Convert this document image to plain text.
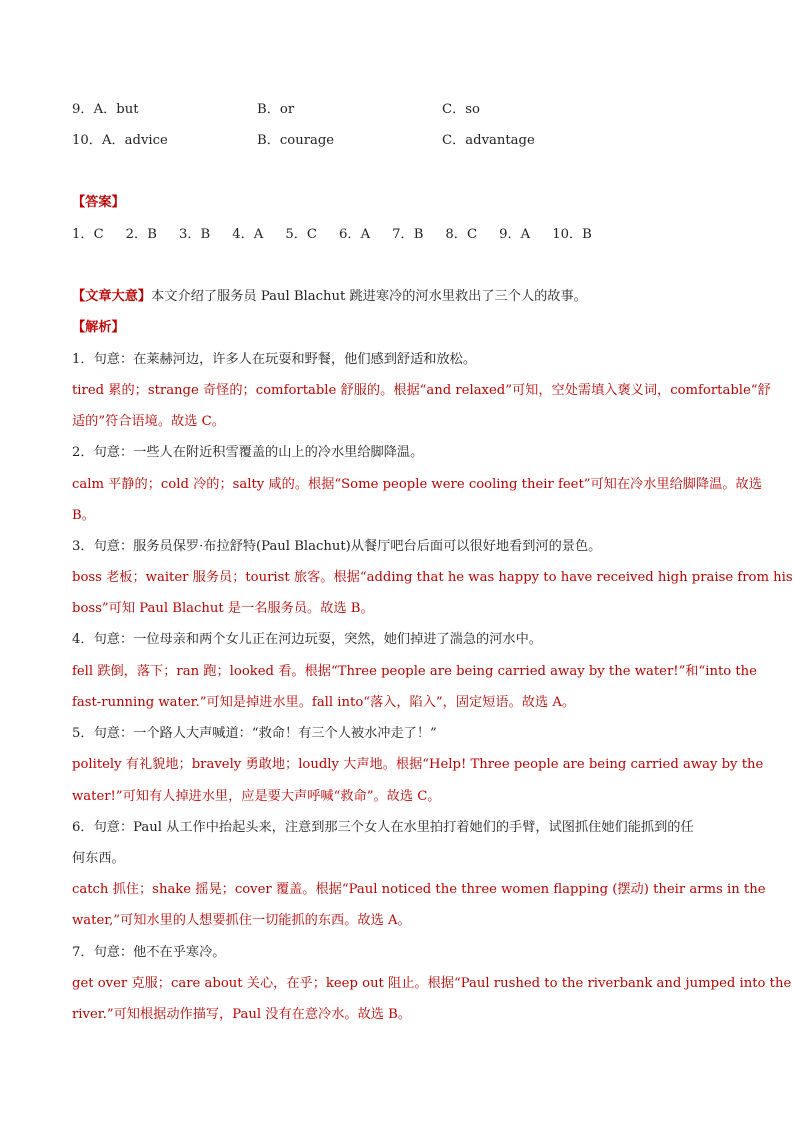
9．A．but	B．or	C．so
10．A．advice	B．courage	C．advantage
【答案】
1．C 2．B 3．B 4．A 5．C 6．A 7．B 8．C 9．A 10．B
【文章大意】本文介绍了服务员 Paul Blachut 跳进寒冷的河水里救出了三个人的故事。
【解析】
1．句意：在莱赫河边，许多人在玩耍和野餐，他们感到舒适和放松。
tired 累的；strange 奇怪的；comfortable 舒服的。根据“and relaxed”可知，空处需填入褒义词，comfortable“舒
适的”符合语境。故选 C。
2．句意：一些人在附近积雪覆盖的山上的冷水里给脚降温。
calm 平静的；cold 冷的；salty 咸的。根据“Some people were cooling their feet”可知在冷水里给脚降温。故选
B。
3．句意：服务员保罗·布拉舒特(Paul Blachut)从餐厅吧台后面可以很好地看到河的景色。
boss 老板；waiter 服务员；tourist 旅客。根据“adding that he was happy to have received high praise from his
boss”可知 Paul Blachut 是一名服务员。故选 B。
4．句意：一位母亲和两个女儿正在河边玩耍，突然，她们掉进了湍急的河水中。
fell 跌倒，落下；ran 跑；looked 看。根据“Three people are being carried away by the water!”和“into the
fast-running water.”可知是掉进水里。fall into“落入，陷入”，固定短语。故选 A。
5．句意：一个路人大声喊道：“救命！有三个人被水冲走了！”
politely 有礼貌地；bravely 勇敢地；loudly 大声地。根据“Help! Three people are being carried away by the
water!”可知有人掉进水里，应是要大声呼喊“救命”。故选 C。
6．句意：Paul 从工作中抬起头来，注意到那三个女人在水里拍打着她们的手臂，试图抓住她们能抓到的任
何东西。
catch 抓住；shake 摇晃；cover 覆盖。根据“Paul noticed the three women flapping (摆动) their arms in the
water,”可知水里的人想要抓住一切能抓的东西。故选 A。
7．句意：他不在乎寒冷。
get over 克服；care about 关心，在乎；keep out 阻止。根据“Paul rushed to the riverbank and jumped into the
river.”可知根据动作描写，Paul 没有在意冷水。故选 B。
